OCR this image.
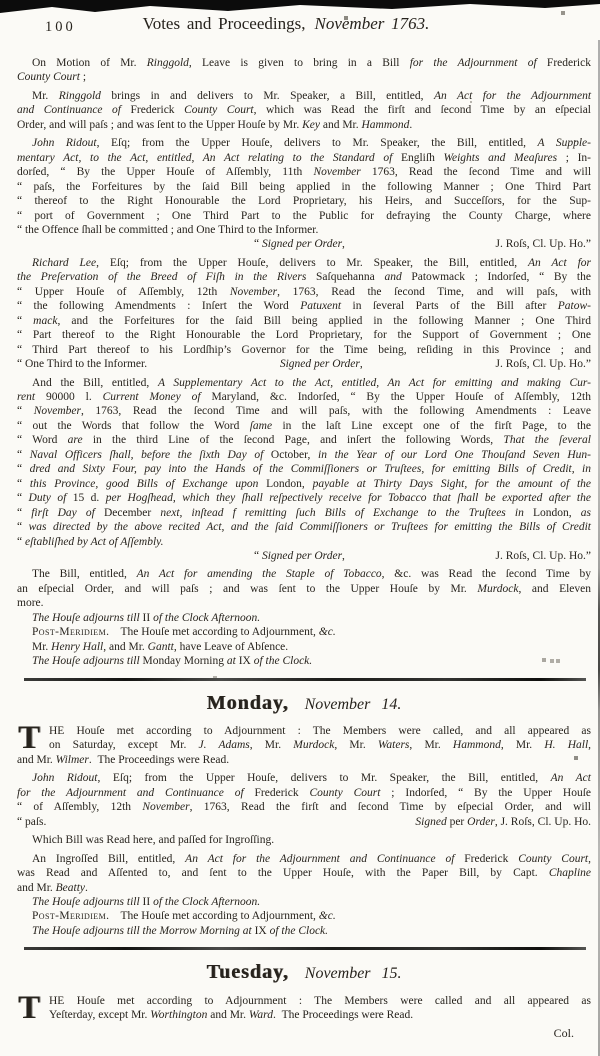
100	Votes and Proceedings, November 1763.
On Motion of Mr. Ringgold, Leave is given to bring in a Bill for the Adjournment of Frederick
County Court ;
Mr. Ringgold brings in and delivers to Mr. Speaker, a Bill, entitled, An Act for the Adjournment
and Continuance of Frederick County Court, which was Read the firſt and ſecond Time by an eſpecial
Order, and will paſs ; and was ſent to the Upper Houſe by Mr. Key and Mr. Hammond.
John Ridout, Eſq; from the Upper Houſe, delivers to Mr. Speaker, the Bill, entitled, A Supple-
mentary Act, to the Act, entitled, An Act relating to the Standard of Engliſh Weights and Meaſures ; In-
dorſed, “ By the Upper Houſe of Aſſembly, 11th November 1763, Read the ſecond Time and will
“ paſs, the Forfeitures by the ſaid Bill being applied in the following Manner ; One Third Part
“ thereof to the Right Honourable the Lord Proprietary, his Heirs, and Succeſſors, for the Sup-
“ port of Government ; One Third Part to the Public for defraying the County Charge, where
“ the Offence ſhall be committed ; and One Third to the Informer.
“ Signed per Order,	J. Roſs, Cl. Up. Ho.”
Richard Lee, Eſq; from the Upper Houſe, delivers to Mr. Speaker, the Bill, entitled, An Act for
the Preſervation of the Breed of Fiſh in the Rivers Saſquehanna and Patowmack ; Indorſed, “ By the
“ Upper Houſe of Aſſembly, 12th November, 1763, Read the ſecond Time, and will paſs, with
“ the following Amendments : Inſert the Word Patuxent in ſeveral Parts of the Bill after Patow-
“ mack, and the Forfeitures for the ſaid Bill being applied in the following Manner ; One Third
“ Part thereof to the Right Honourable the Lord Proprietary, for the Support of Government ; One
“ Third Part thereof to his Lordſhip’s Governor for the Time being, reſiding in this Province ; and
“ One Third to the Informer.	Signed per Order,	J. Roſs, Cl. Up. Ho.”
And the Bill, entitled, A Supplementary Act to the Act, entitled, An Act for emitting and making Cur-
rent 90000 l. Current Money of Maryland, &c. Indorſed, “ By the Upper Houſe of Aſſembly, 12th
“ November, 1763, Read the ſecond Time and will paſs, with the following Amendments : Leave
“ out the Words that follow the Word ſame in the laſt Line except one of the firſt Page, to the
“ Word are in the third Line of the ſecond Page, and inſert the following Words, That the ſeveral
“ Naval Officers ſhall, before the ſixth Day of October, in the Year of our Lord One Thouſand Seven Hun-
“ dred and Sixty Four, pay into the Hands of the Commiſſioners or Truſtees, for emitting Bills of Credit, in
“ this Province, good Bills of Exchange upon London, payable at Thirty Days Sight, for the amount of the
“ Duty of 15 d. per Hogſhead, which they ſhall reſpectively receive for Tobacco that ſhall be exported after the
“ firſt Day of December next, inſtead f remitting ſuch Bills of Exchange to the Truſtees in London, as
“ was directed by the above recited Act, and the ſaid Commiſſioners or Truſtees for emitting the Bills of Credit
“ eſtabliſhed by Act of Aſſembly.
“ Signed per Order,	J. Roſs, Cl. Up. Ho.”
The Bill, entitled, An Act for amending the Staple of Tobacco, &c. was Read the ſecond Time by
an eſpecial Order, and will paſs ; and was ſent to the Upper Houſe by Mr. Murdock, and Eleven
more.
The Houſe adjourns till II of the Clock Afternoon.
Post-Meridiem. The Houſe met according to Adjournment, &c.
Mr. Henry Hall, and Mr. Gantt, have Leave of Abſence.
The Houſe adjourns till Monday Morning at IX of the Clock.
Monday, November 14.
T HE Houſe met according to Adjournment : The Members were called, and all appeared as
on Saturday, except Mr. J. Adams, Mr. Murdock, Mr. Waters, Mr. Hammond, Mr. H. Hall,
and Mr. Wilmer. The Proceedings were Read.
John Ridout, Eſq; from the Upper Houſe, delivers to Mr. Speaker, the Bill, entitled, An Act
for the Adjournment and Continuance of Frederick County Court ; Indorſed, “ By the Upper Houſe
“ of Aſſembly, 12th November, 1763, Read the firſt and ſecond Time by eſpecial Order, and will
“ paſs.	Signed per Order, J. Roſs, Cl. Up. Ho.
Which Bill was Read here, and paſſed for Ingroſſing.
An Ingroſſed Bill, entitled, An Act for the Adjournment and Continuance of Frederick County Court,
was Read and Aſſented to, and ſent to the Upper Houſe, with the Paper Bill, by Capt. Chapline
and Mr. Beatty.
The Houſe adjourns till II of the Clock Afternoon.
Post-Meridiem. The Houſe met according to Adjournment, &c.
The Houſe adjourns till the Morrow Morning at IX of the Clock.
Tuesday, November 15.
T HE Houſe met according to Adjournment : The Members were called and all appeared as
Yeſterday, except Mr. Worthington and Mr. Ward. The Proceedings were Read.
Col.
